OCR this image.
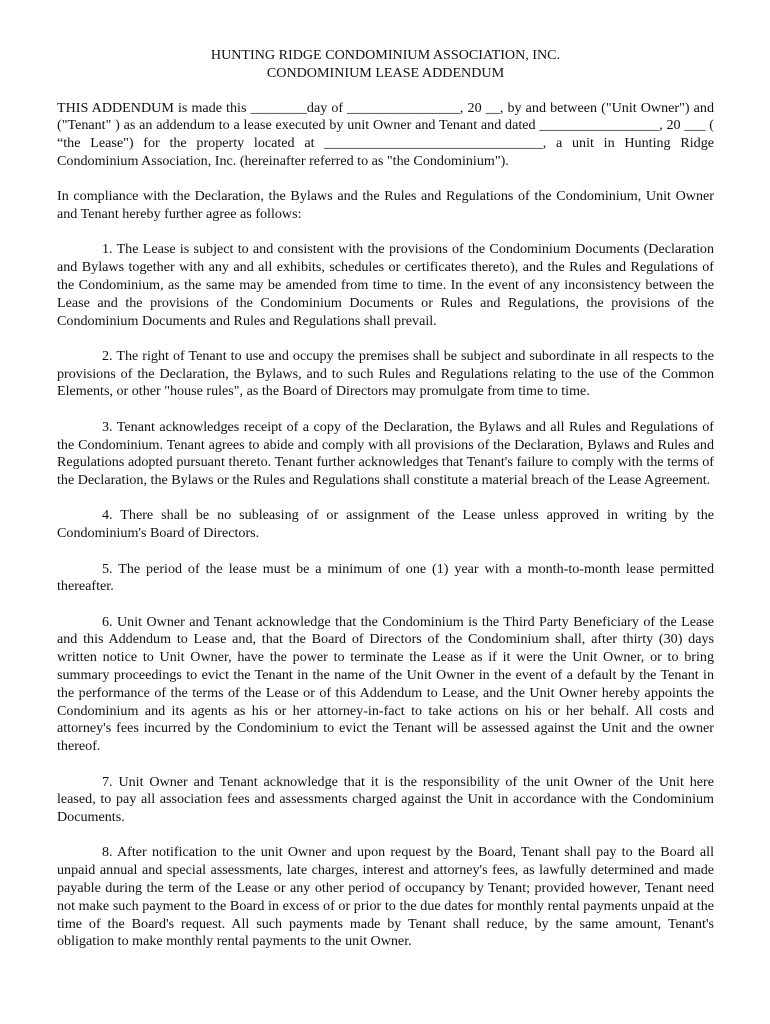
HUNTING RIDGE CONDOMINIUM ASSOCIATION, INC.
CONDOMINIUM LEASE ADDENDUM

THIS ADDENDUM is made this ________day of ________________, 20 __, by and between ("Unit Owner") and ("Tenant" ) as an addendum to a lease executed by unit Owner and Tenant and dated _________________, 20 ___ ( “the Lease") for the property located at _______________________________, a unit in Hunting Ridge Condominium Association, Inc. (hereinafter referred to as "the Condominium").

In compliance with the Declaration, the Bylaws and the Rules and Regulations of the Condominium, Unit Owner and Tenant hereby further agree as follows:

1. The Lease is subject to and consistent with the provisions of the Condominium Documents (Declaration and Bylaws together with any and all exhibits, schedules or certificates thereto), and the Rules and Regulations of the Condominium, as the same may be amended from time to time. In the event of any inconsistency between the Lease and the provisions of the Condominium Documents or Rules and Regulations, the provisions of the Condominium Documents and Rules and Regulations shall prevail.

2. The right of Tenant to use and occupy the premises shall be subject and subordinate in all respects to the provisions of the Declaration, the Bylaws, and to such Rules and Regulations relating to the use of the Common Elements, or other "house rules", as the Board of Directors may promulgate from time to time.

3. Tenant acknowledges receipt of a copy of the Declaration, the Bylaws and all Rules and Regulations of the Condominium. Tenant agrees to abide and comply with all provisions of the Declaration, Bylaws and Rules and Regulations adopted pursuant thereto. Tenant further acknowledges that Tenant's failure to comply with the terms of the Declaration, the Bylaws or the Rules and Regulations shall constitute a material breach of the Lease Agreement.

4. There shall be no subleasing of or assignment of the Lease unless approved in writing by the Condominium's Board of Directors.

5. The period of the lease must be a minimum of one (1) year with a month-to-month lease permitted thereafter.

6. Unit Owner and Tenant acknowledge that the Condominium is the Third Party Beneficiary of the Lease and this Addendum to Lease and, that the Board of Directors of the Condominium shall, after thirty (30) days written notice to Unit Owner, have the power to terminate the Lease as if it were the Unit Owner, or to bring summary proceedings to evict the Tenant in the name of the Unit Owner in the event of a default by the Tenant in the performance of the terms of the Lease or of this Addendum to Lease, and the Unit Owner hereby appoints the Condominium and its agents as his or her attorney-in-fact to take actions on his or her behalf. All costs and attorney's fees incurred by the Condominium to evict the Tenant will be assessed against the Unit and the owner thereof.

7. Unit Owner and Tenant acknowledge that it is the responsibility of the unit Owner of the Unit here leased, to pay all association fees and assessments charged against the Unit in accordance with the Condominium Documents.

8. After notification to the unit Owner and upon request by the Board, Tenant shall pay to the Board all unpaid annual and special assessments, late charges, interest and attorney's fees, as lawfully determined and made payable during the term of the Lease or any other period of occupancy by Tenant; provided however, Tenant need not make such payment to the Board in excess of or prior to the due dates for monthly rental payments unpaid at the time of the Board's request. All such payments made by Tenant shall reduce, by the same amount, Tenant's obligation to make monthly rental payments to the unit Owner.
